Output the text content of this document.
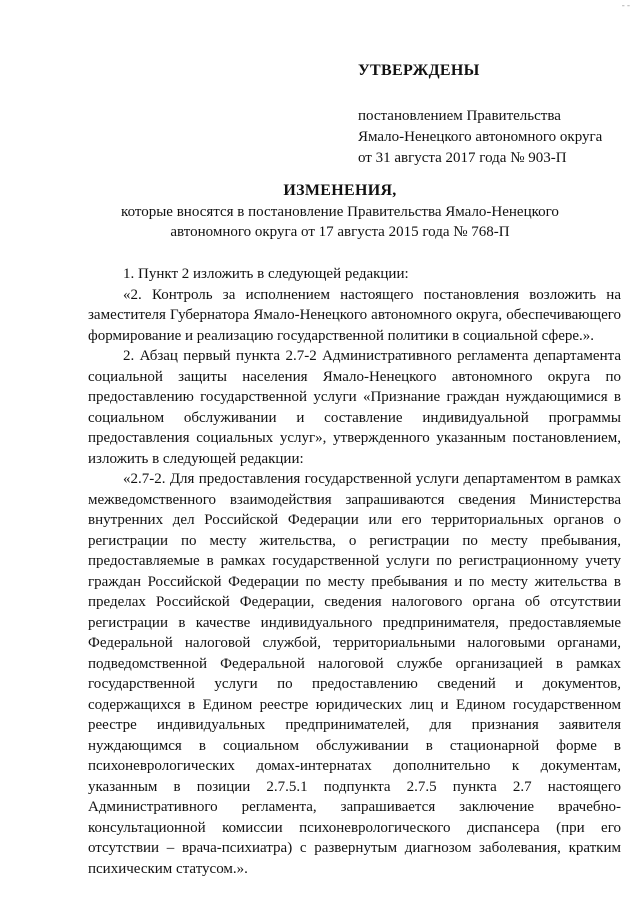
- -
УТВЕРЖДЕНЫ
постановлением Правительства
Ямало-Ненецкого автономного округа
от 31 августа 2017 года № 903-П
ИЗМЕНЕНИЯ,
которые вносятся в постановление Правительства Ямало-Ненецкого
автономного округа от 17 августа 2015 года № 768-П

1. Пункт 2 изложить в следующей редакции:

«2. Контроль за исполнением настоящего постановления возложить на заместителя Губернатора Ямало-Ненецкого автономного округа, обеспечивающего формирование и реализацию государственной политики в социальной сфере.».

2. Абзац первый пункта 2.7-2 Административного регламента департамента социальной защиты населения Ямало-Ненецкого автономного округа по предоставлению государственной услуги «Признание граждан нуждающимися в социальном обслуживании и составление индивидуальной программы предоставления социальных услуг», утвержденного указанным постановлением, изложить в следующей редакции:

«2.7-2. Для предоставления государственной услуги департаментом в рамках межведомственного взаимодействия запрашиваются сведения Министерства внутренних дел Российской Федерации или его территориальных органов о регистрации по месту жительства, о регистрации по месту пребывания, предоставляемые в рамках государственной услуги по регистрационному учету граждан Российской Федерации по месту пребывания и по месту жительства в пределах Российской Федерации, сведения налогового органа об отсутствии регистрации в качестве индивидуального предпринимателя, предоставляемые Федеральной налоговой службой, территориальными налоговыми органами, подведомственной Федеральной налоговой службе организацией в рамках государственной услуги по предоставлению сведений и документов, содержащихся в Едином реестре юридических лиц и Едином государственном реестре индивидуальных предпринимателей, для признания заявителя нуждающимся в социальном обслуживании в стационарной форме в психоневрологических домах-интернатах дополнительно к документам, указанным в позиции 2.7.5.1 подпункта 2.7.5 пункта 2.7 настоящего Административного регламента, запрашивается заключение врачебно-консультационной комиссии психоневрологического диспансера (при его отсутствии – врача-психиатра) с развернутым диагнозом заболевания, кратким психическим статусом.».
